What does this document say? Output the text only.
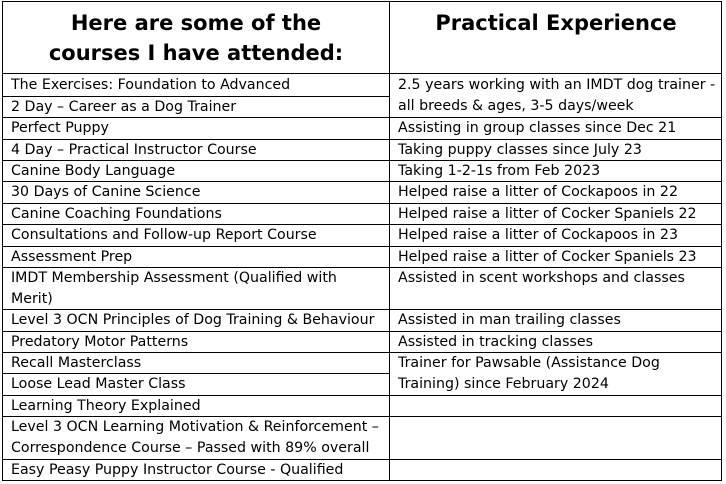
Here are some of the courses I have attended:
Practical Experience
The Exercises: Foundation to Advanced
2 Day – Career as a Dog Trainer
Perfect Puppy
4 Day – Practical Instructor Course
Canine Body Language
30 Days of Canine Science
Canine Coaching Foundations
Consultations and Follow-up Report Course
Assessment Prep
IMDT Membership Assessment (Qualified with Merit)
Level 3 OCN Principles of Dog Training & Behaviour
Predatory Motor Patterns
Recall Masterclass
Loose Lead Master Class
Learning Theory Explained
Level 3 OCN Learning Motivation & Reinforcement – Correspondence Course – Passed with 89% overall
Easy Peasy Puppy Instructor Course - Qualified
2.5 years working with an IMDT dog trainer - all breeds & ages, 3-5 days/week
Assisting in group classes since Dec 21
Taking puppy classes since July 23
Taking 1-2-1s from Feb 2023
Helped raise a litter of Cockapoos in 22
Helped raise a litter of Cocker Spaniels 22
Helped raise a litter of Cockapoos in 23
Helped raise a litter of Cocker Spaniels 23
Assisted in scent workshops and classes
Assisted in man trailing classes
Assisted in tracking classes
Trainer for Pawsable (Assistance Dog Training) since February 2024
